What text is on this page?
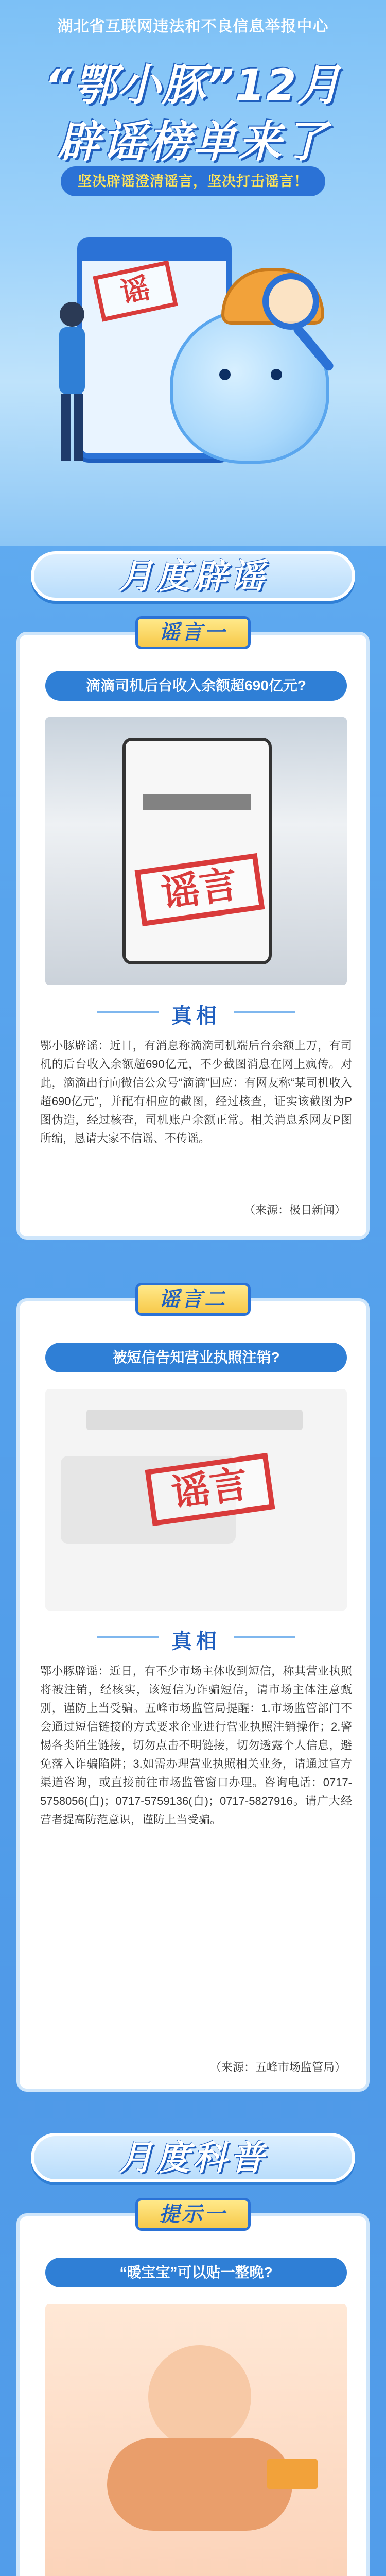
湖北省互联网违法和不良信息举报中心
“鄂小豚”12月
辟谣榜单来了
坚决辟谣澄清谣言，坚决打击谣言！
谣
月度辟谣
谣言一
滴滴司机后台收入余额超690亿元?
谣言
真相
鄂小豚辟谣：近日，有消息称滴滴司机端后台余额上万，有司机的后台收入余额超690亿元，不少截图消息在网上疯传。对此，滴滴出行向微信公众号“滴滴”回应：有网友称“某司机收入超690亿元”，并配有相应的截图，经过核查，证实该截图为P图伪造，经过核查，司机账户余额正常。相关消息系网友P图所编，恳请大家不信谣、不传谣。
（来源：极目新闻）
谣言二
被短信告知营业执照注销?
谣言
真相
鄂小豚辟谣：近日，有不少市场主体收到短信，称其营业执照将被注销，经核实，该短信为诈骗短信，请市场主体注意甄别，谨防上当受骗。五峰市场监管局提醒：1.市场监管部门不会通过短信链接的方式要求企业进行营业执照注销操作；2.警惕各类陌生链接，切勿点击不明链接，切勿透露个人信息，避免落入诈骗陷阱；3.如需办理营业执照相关业务，请通过官方渠道咨询，或直接前往市场监管窗口办理。咨询电话：0717-5758056(白)；0717-5759136(白)；0717-5827916。请广大经营者提高防范意识，谨防上当受骗。
（来源：五峰市场监管局）
月度科普
提示一
“暖宝宝”可以贴一整晚?
